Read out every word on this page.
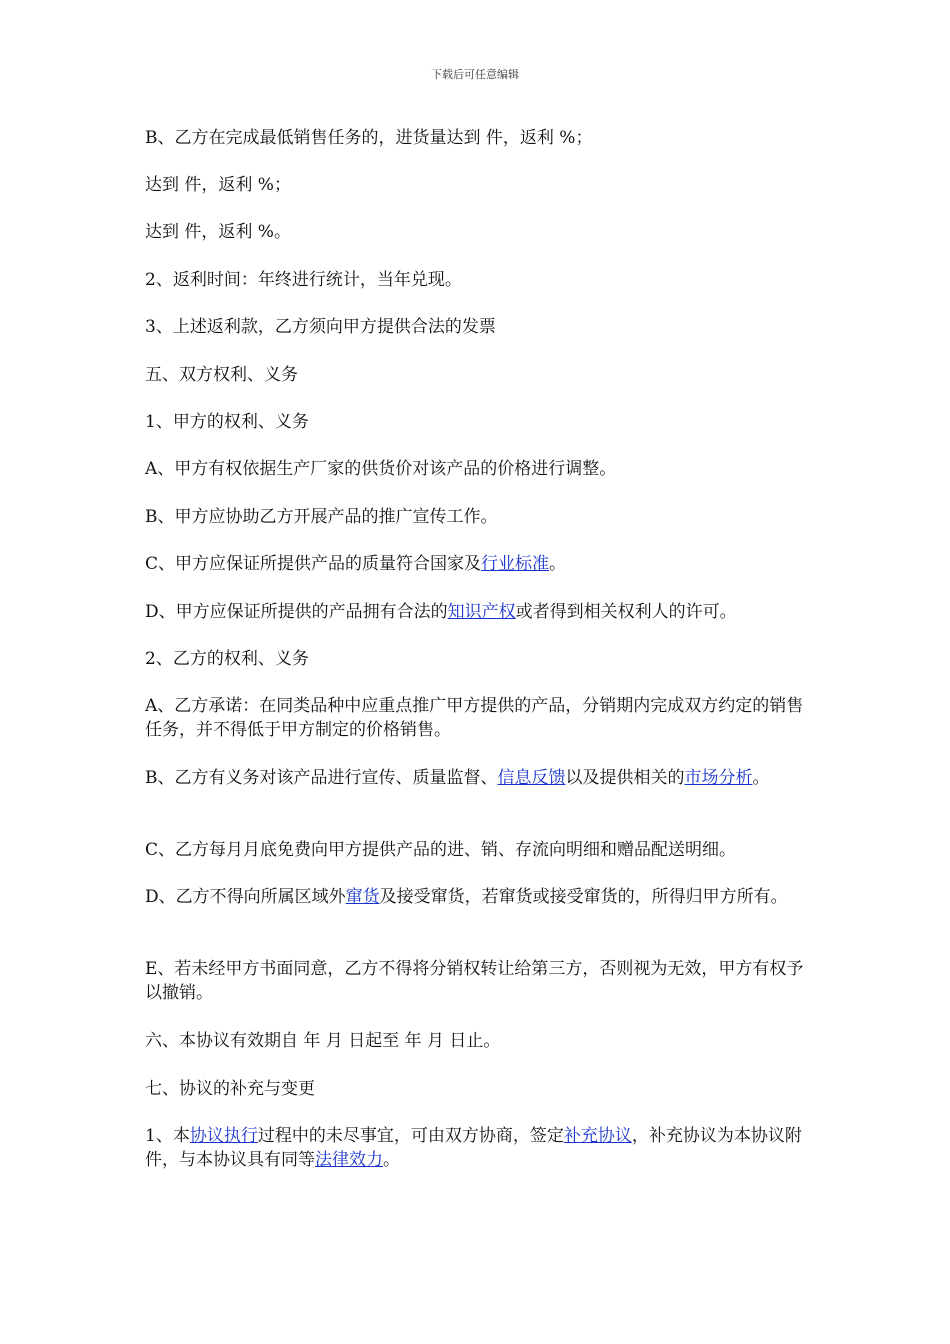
下载后可任意编辑

B、乙方在完成最低销售任务的，进货量达到 件，返利 %；

达到 件，返利 %；

达到 件，返利 %。

2、返利时间：年终进行统计，当年兑现。

3、上述返利款，乙方须向甲方提供合法的发票

五、双方权利、义务

1、甲方的权利、义务

A、甲方有权依据生产厂家的供货价对该产品的价格进行调整。

B、甲方应协助乙方开展产品的推广宣传工作。

C、甲方应保证所提供产品的质量符合国家及行业标准。

D、甲方应保证所提供的产品拥有合法的知识产权或者得到相关权利人的许可。

2、乙方的权利、义务

A、乙方承诺：在同类品种中应重点推广甲方提供的产品，分销期内完成双方约定的销售任务，并不得低于甲方制定的价格销售。

B、乙方有义务对该产品进行宣传、质量监督、信息反馈以及提供相关的市场分析。

C、乙方每月月底免费向甲方提供产品的进、销、存流向明细和赠品配送明细。

D、乙方不得向所属区域外窜货及接受窜货，若窜货或接受窜货的，所得归甲方所有。

E、若未经甲方书面同意，乙方不得将分销权转让给第三方，否则视为无效，甲方有权予以撤销。

六、本协议有效期自 年 月 日起至 年 月 日止。

七、协议的补充与变更

1、本协议执行过程中的未尽事宜，可由双方协商，签定补充协议，补充协议为本协议附件，与本协议具有同等法律效力。
